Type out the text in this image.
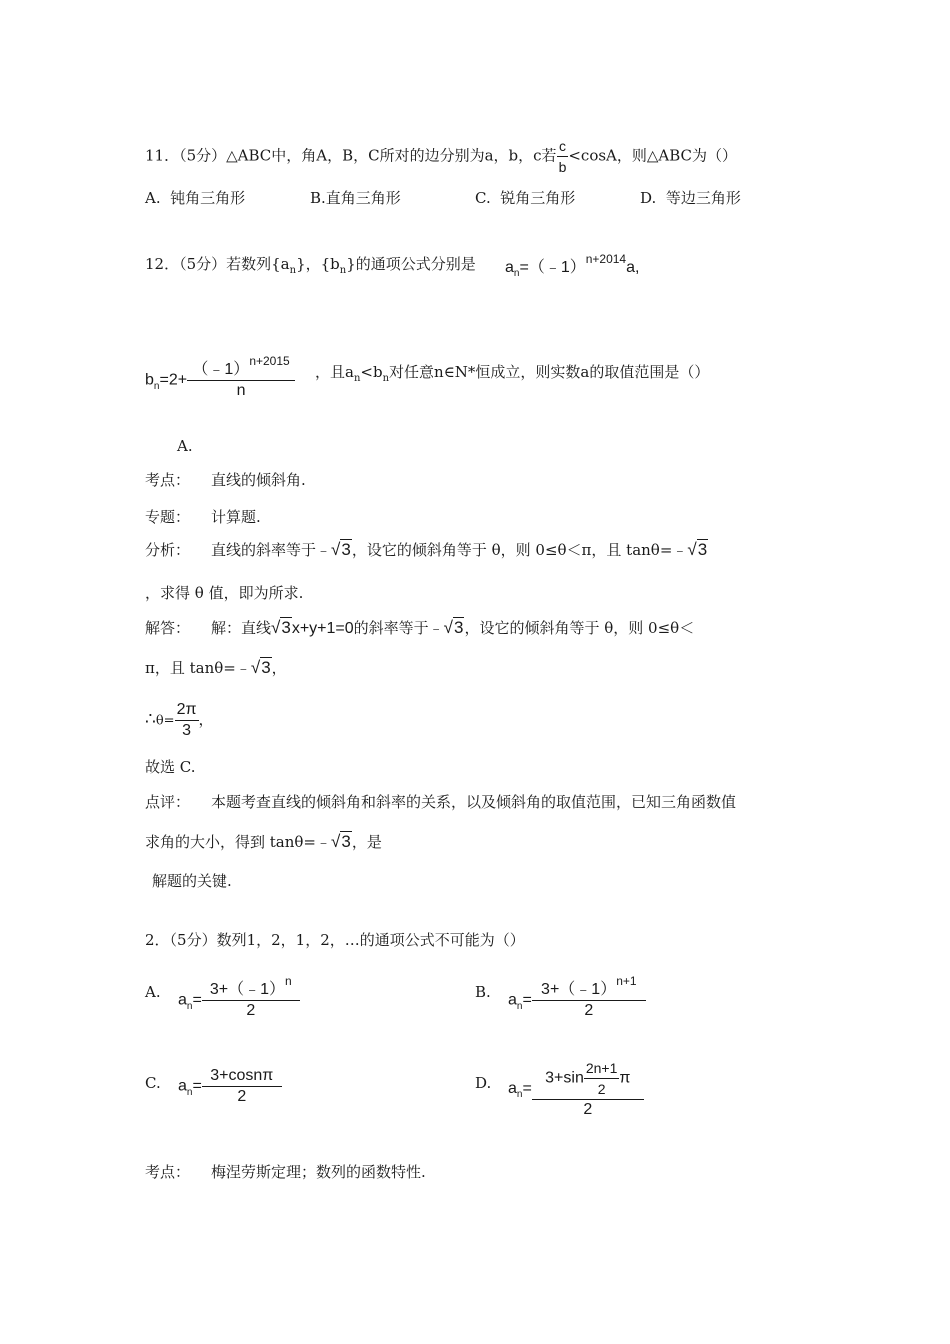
11．（5分）△ABC中，角A，B，C所对的边分别为a，b，c若 $\frac{c}{b} <\cos A$，则△ABC为（）
A. 钝角三角形	B.直角三角形	C. 锐角三角形	D. 等边三角形
12．（5分）若数列$\{a_n\}$，$\{b_n\}$的通项公式分别是 $a_n=(﹣1)^{n+2014}a$,
$b_n=2+ \frac{(﹣1)^{n+2015}}{n}$ ，且$a_n<b_n$对任意n∈N*恒成立，则实数a的取值范围是（）
A.
考点： 直线的倾斜角.
专题： 计算题.
分析： 直线的斜率等于﹣√3，设它的倾斜角等于 θ，则 0≤θ＜π，且 tanθ=﹣√3
，求得 θ 值，即为所求.
解答： 解：直线√3x+y+1=0的斜率等于﹣√3，设它的倾斜角等于 θ，则 0≤θ＜
π，且 tanθ=﹣√3，
∴θ= $\frac{2\pi}{3}$ ，
故选 C.
点评： 本题考查直线的倾斜角和斜率的关系，以及倾斜角的取值范围，已知三角函数值
求角的大小，得到 tanθ=﹣√3，是
解题的关键.
2．（5分）数列1，2，1，2，…的通项公式不可能为（）
A. $a_n= \frac{3+(﹣1)^n}{2}$	B. $a_n= \frac{3+(﹣1)^{n+1}}{2}$
C. $a_n= \frac{3+\cos n\pi}{2}$	D. $a_n= \frac{3+\sin \frac{2n+1}{2} \pi}{2}$
考点： 梅涅劳斯定理；数列的函数特性.
